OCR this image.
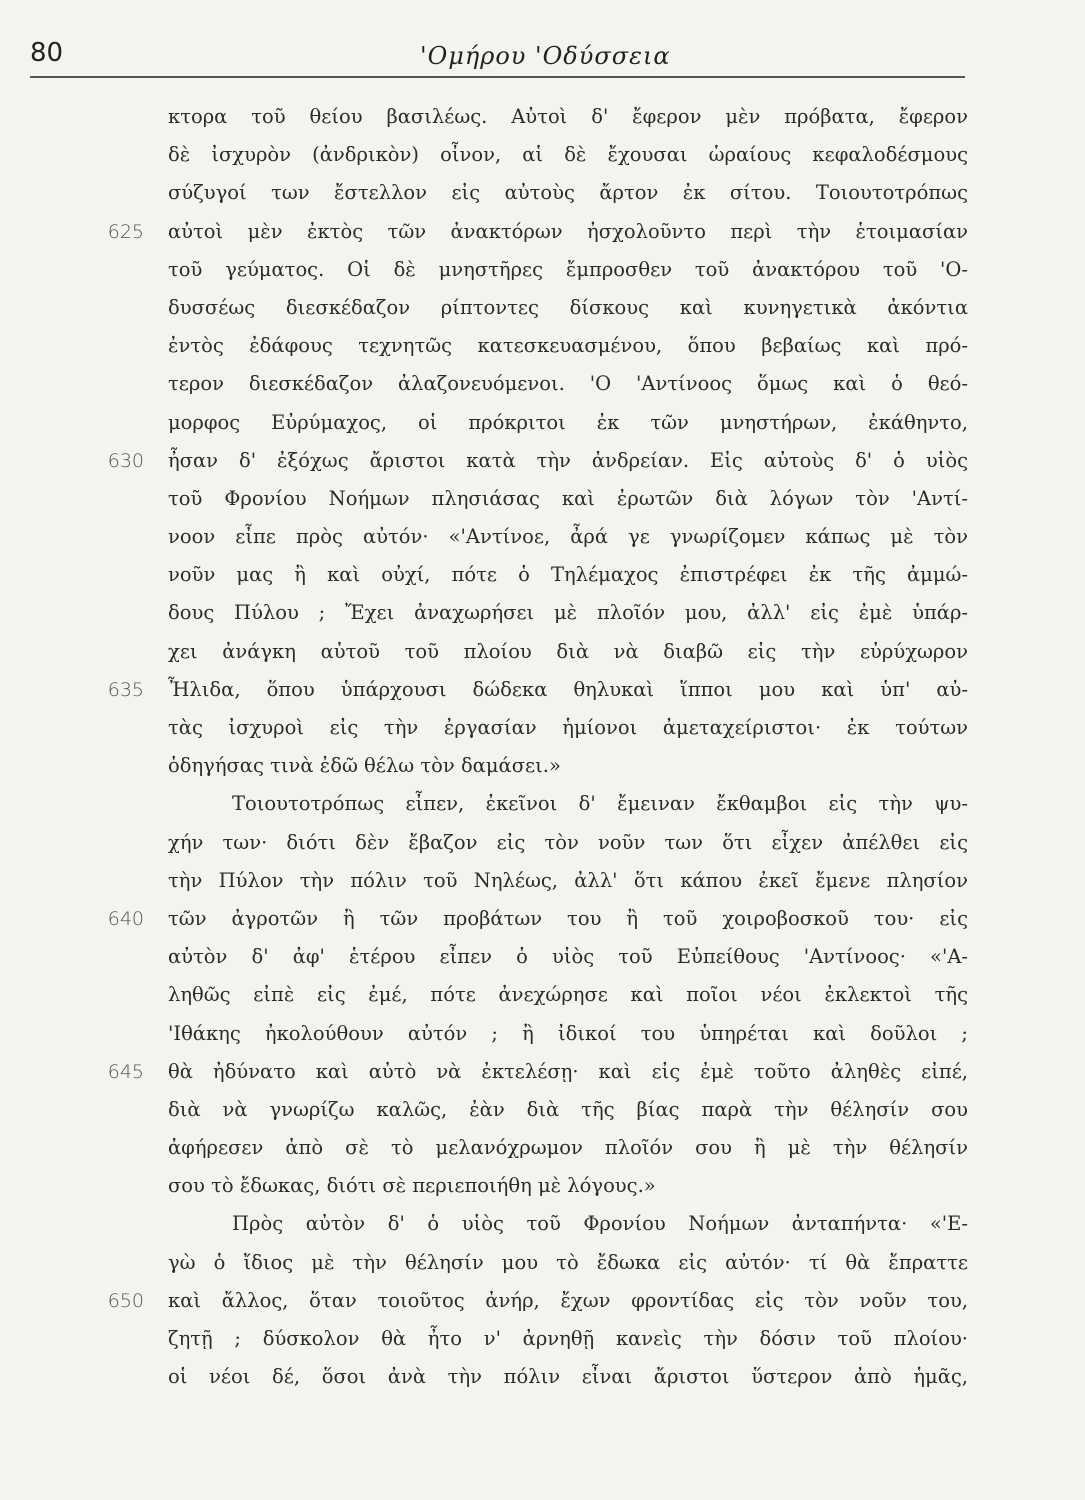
80	'Ομήρου 'Οδύσσεια
κτορα τοῦ θείου βασιλέως. Αὐτοὶ δ' ἔφερον μὲν πρόβατα, ἔφερον
δὲ ἰσχυρὸν (ἀνδρικὸν) οἶνον, αἱ δὲ ἔχουσαι ὡραίους κεφαλοδέσμους
σύζυγοί των ἔστελλον εἰς αὐτοὺς ἄρτον ἐκ σίτου. Τοιουτοτρόπως
625 αὐτοὶ μὲν ἐκτὸς τῶν ἀνακτόρων ἠσχολοῦντο περὶ τὴν ἑτοιμασίαν
τοῦ γεύματος. Οἱ δὲ μνηστῆρες ἔμπροσθεν τοῦ ἀνακτόρου τοῦ 'Ο-
δυσσέως διεσκέδαζον ρίπτοντες δίσκους καὶ κυνηγετικὰ ἀκόντια
ἐντὸς ἐδάφους τεχνητῶς κατεσκευασμένου, ὅπου βεβαίως καὶ πρό-
τερον διεσκέδαζον ἀλαζονευόμενοι. 'Ο 'Αντίνοος ὅμως καὶ ὁ θεό-
μορφος Εὐρύμαχος, οἱ πρόκριτοι ἐκ τῶν μνηστήρων, ἐκάθηντο,
630 ἦσαν δ' ἐξόχως ἄριστοι κατὰ τὴν ἀνδρείαν. Εἰς αὐτοὺς δ' ὁ υἱὸς
τοῦ Φρονίου Νοήμων πλησιάσας καὶ ἐρωτῶν διὰ λόγων τὸν 'Αντί-
νοον εἶπε πρὸς αὐτόν· «'Αντίνοε, ἆρά γε γνωρίζομεν κάπως μὲ τὸν
νοῦν μας ἢ καὶ οὐχί, πότε ὁ Τηλέμαχος ἐπιστρέφει ἐκ τῆς ἀμμώ-
δους Πύλου ; Ἔχει ἀναχωρήσει μὲ πλοῖόν μου, ἀλλ' εἰς ἐμὲ ὑπάρ-
χει ἀνάγκη αὐτοῦ τοῦ πλοίου διὰ νὰ διαβῶ εἰς τὴν εὐρύχωρον
635 Ἦλιδα, ὅπου ὑπάρχουσι δώδεκα θηλυκαὶ ἵπποι μου καὶ ὑπ' αὐ-
τὰς ἰσχυροὶ εἰς τὴν ἐργασίαν ἡμίονοι ἀμεταχείριστοι· ἐκ τούτων
ὁδηγήσας τινὰ ἐδῶ θέλω τὸν δαμάσει.»
Τοιουτοτρόπως εἶπεν, ἐκεῖνοι δ' ἔμειναν ἔκθαμβοι εἰς τὴν ψυ-
χήν των· διότι δὲν ἔβαζον εἰς τὸν νοῦν των ὅτι εἶχεν ἀπέλθει εἰς
τὴν Πύλον τὴν πόλιν τοῦ Νηλέως, ἀλλ' ὅτι κάπου ἐκεῖ ἔμενε πλησίον
640 τῶν ἀγροτῶν ἢ τῶν προβάτων του ἢ τοῦ χοιροβοσκοῦ του· εἰς
αὐτὸν δ' ἀφ' ἑτέρου εἶπεν ὁ υἱὸς τοῦ Εὐπείθους 'Αντίνοος· «'Α-
ληθῶς εἰπὲ εἰς ἐμέ, πότε ἀνεχώρησε καὶ ποῖοι νέοι ἐκλεκτοὶ τῆς
'Ιθάκης ἠκολούθουν αὐτόν ; ἢ ἰδικοί του ὑπηρέται καὶ δοῦλοι ;
645 θὰ ἠδύνατο καὶ αὐτὸ νὰ ἐκτελέσῃ· καὶ εἰς ἐμὲ τοῦτο ἀληθὲς εἰπέ,
διὰ νὰ γνωρίζω καλῶς, ἐὰν διὰ τῆς βίας παρὰ τὴν θέλησίν σου
ἀφήρεσεν ἀπὸ σὲ τὸ μελανόχρωμον πλοῖόν σου ἢ μὲ τὴν θέλησίν
σου τὸ ἔδωκας, διότι σὲ περιεποιήθη μὲ λόγους.»
Πρὸς αὐτὸν δ' ὁ υἱὸς τοῦ Φρονίου Νοήμων ἀνταπήντα· «'Ε-
γὼ ὁ ἴδιος μὲ τὴν θέλησίν μου τὸ ἔδωκα εἰς αὐτόν· τί θὰ ἔπραττε
650 καὶ ἄλλος, ὅταν τοιοῦτος ἀνήρ, ἔχων φροντίδας εἰς τὸν νοῦν του,
ζητῇ ; δύσκολον θὰ ἦτο ν' ἀρνηθῇ κανεὶς τὴν δόσιν τοῦ πλοίου·
οἱ νέοι δέ, ὅσοι ἀνὰ τὴν πόλιν εἶναι ἄριστοι ὕστερον ἀπὸ ἡμᾶς,
